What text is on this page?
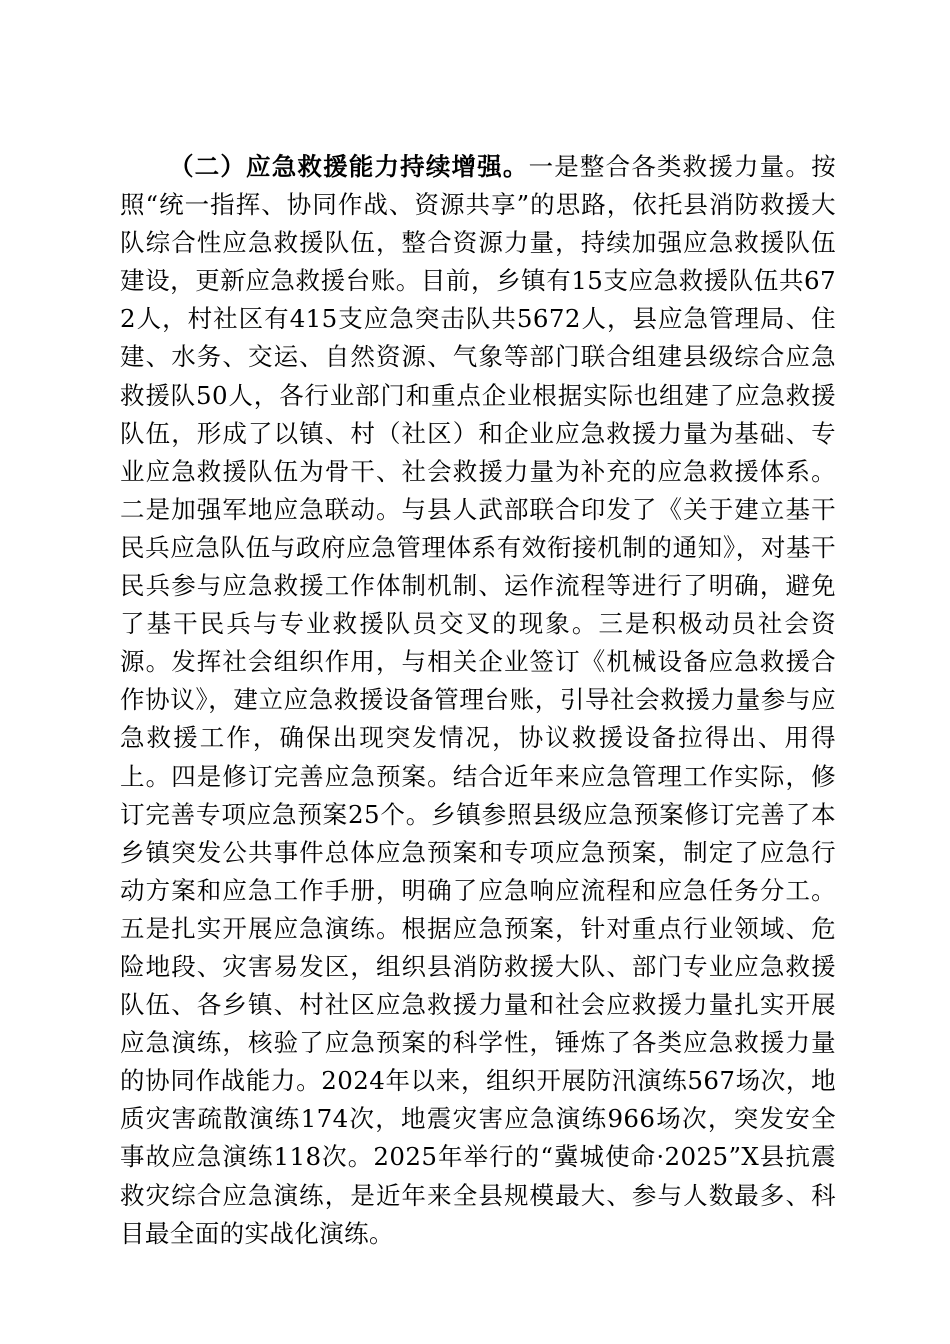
（二）应急救援能力持续增强。一是整合各类救援力量。按照“统一指挥、协同作战、资源共享”的思路，依托县消防救援大队综合性应急救援队伍，整合资源力量，持续加强应急救援队伍建设，更新应急救援台账。目前，乡镇有15支应急救援队伍共672人，村社区有415支应急突击队共5672人，县应急管理局、住建、水务、交运、自然资源、气象等部门联合组建县级综合应急救援队50人，各行业部门和重点企业根据实际也组建了应急救援队伍，形成了以镇、村（社区）和企业应急救援力量为基础、专业应急救援队伍为骨干、社会救援力量为补充的应急救援体系。二是加强军地应急联动。与县人武部联合印发了《关于建立基干民兵应急队伍与政府应急管理体系有效衔接机制的通知》，对基干民兵参与应急救援工作体制机制、运作流程等进行了明确，避免了基干民兵与专业救援队员交叉的现象。三是积极动员社会资源。发挥社会组织作用，与相关企业签订《机械设备应急救援合作协议》，建立应急救援设备管理台账，引导社会救援力量参与应急救援工作，确保出现突发情况，协议救援设备拉得出、用得上。四是修订完善应急预案。结合近年来应急管理工作实际，修订完善专项应急预案25个。乡镇参照县级应急预案修订完善了本乡镇突发公共事件总体应急预案和专项应急预案，制定了应急行动方案和应急工作手册，明确了应急响应流程和应急任务分工。五是扎实开展应急演练。根据应急预案，针对重点行业领域、危险地段、灾害易发区，组织县消防救援大队、部门专业应急救援队伍、各乡镇、村社区应急救援力量和社会应救援力量扎实开展应急演练，核验了应急预案的科学性，锤炼了各类应急救援力量的协同作战能力。2024年以来，组织开展防汛演练567场次，地质灾害疏散演练174次，地震灾害应急演练966场次，突发安全事故应急演练118次。2025年举行的“冀城使命·2025”X县抗震救灾综合应急演练，是近年来全县规模最大、参与人数最多、科目最全面的实战化演练。
